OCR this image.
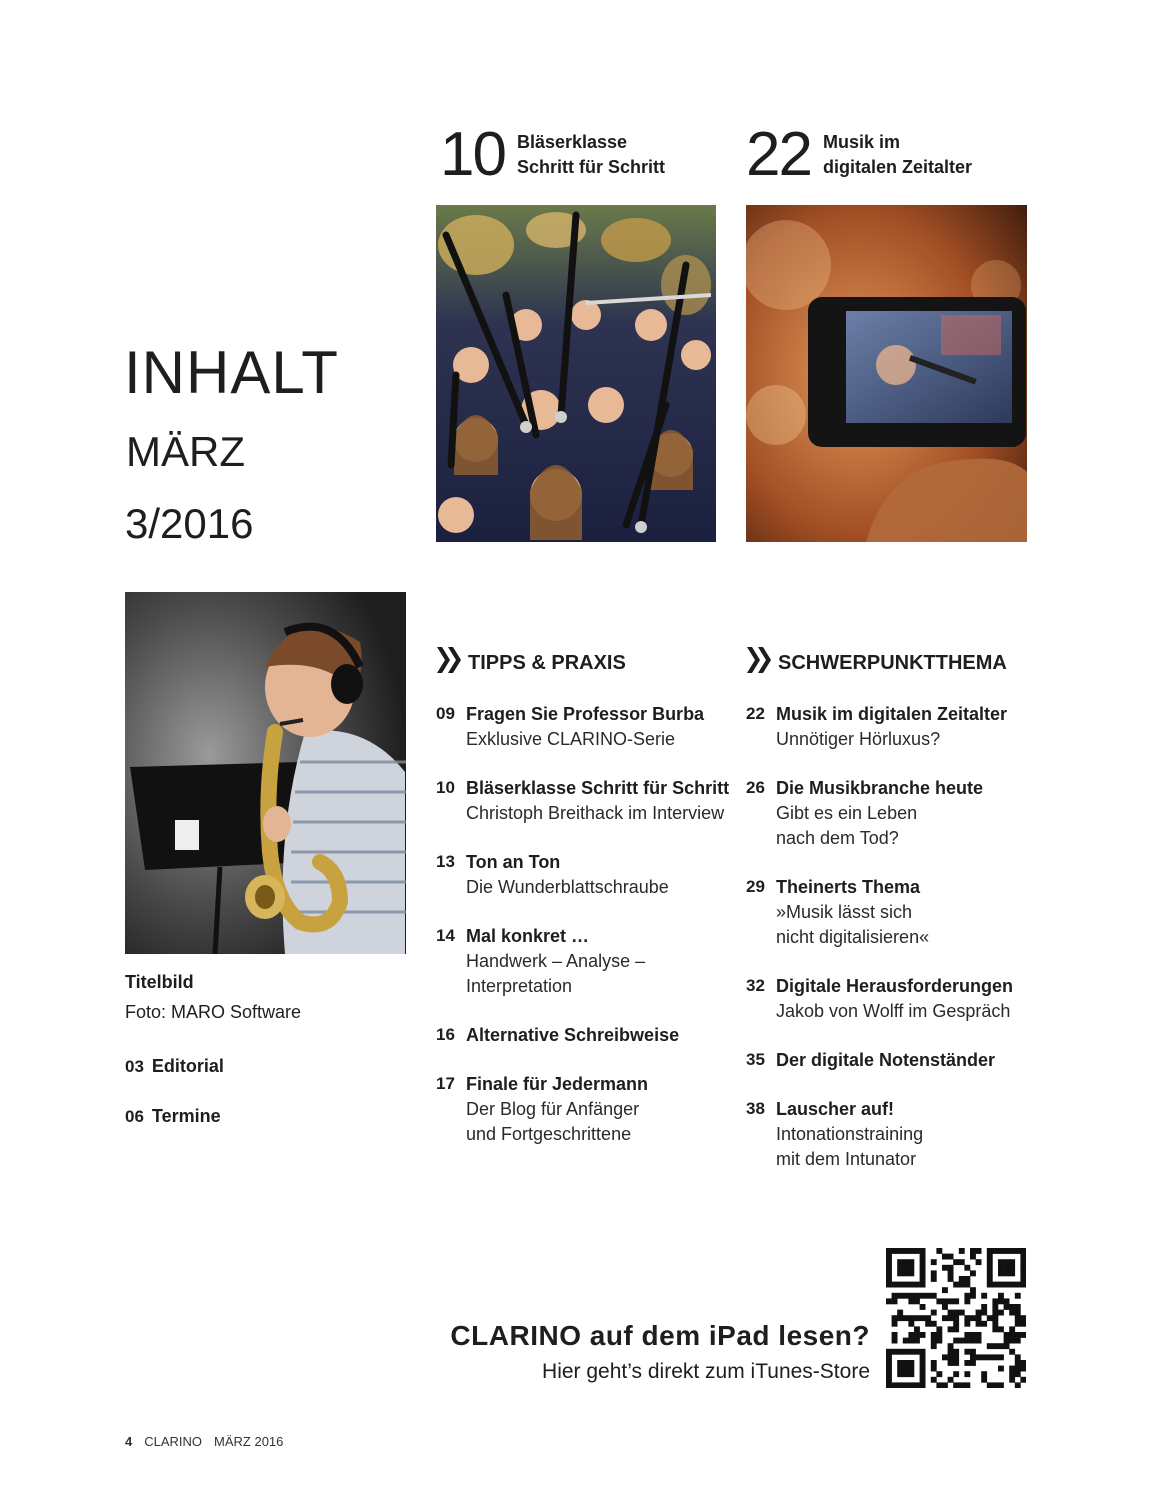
10 Bläserklasse
Schritt für Schritt 22 Musik im
digitalen Zeitalter
INHALT
MÄRZ
3/2016
Titelbild
Foto: MARO Software
03 Editorial
06 Termine
TIPPS & PRAXIS
09 Fragen Sie Professor Burba
Exklusive CLARINO-Serie
10 Bläserklasse Schritt für Schritt
Christoph Breithack im Interview
13 Ton an Ton
Die Wunderblattschraube
14 Mal konkret …
Handwerk – Analyse –
Interpretation
16 Alternative Schreibweise
17 Finale für Jedermann
Der Blog für Anfänger
und Fortgeschrittene
SCHWERPUNKTTHEMA
22 Musik im digitalen Zeitalter
Unnötiger Hörluxus?
26 Die Musikbranche heute
Gibt es ein Leben
nach dem Tod?
29 Theinerts Thema
»Musik lässt sich
nicht digitalisieren«
32 Digitale Herausforderungen
Jakob von Wolff im Gespräch
35 Der digitale Notenständer
38 Lauscher auf!
Intonationstraining
mit dem Intunator
CLARINO auf dem iPad lesen?
Hier geht’s direkt zum iTunes-Store
4 CLARINO MÄRZ 2016
